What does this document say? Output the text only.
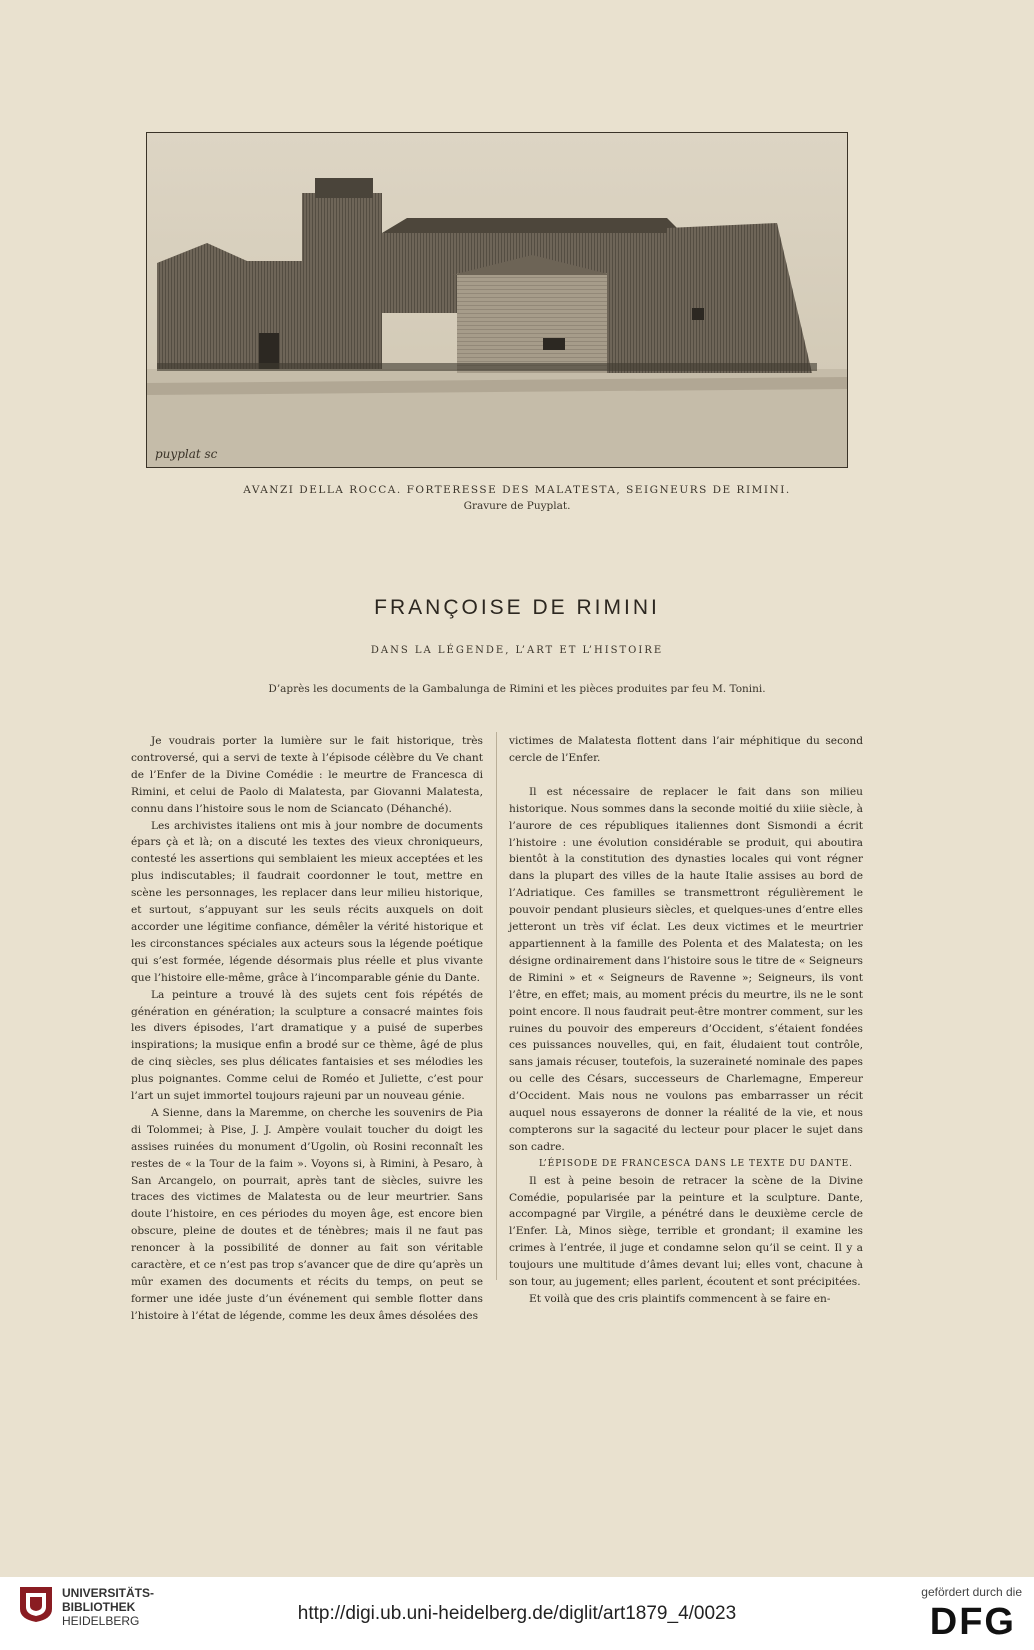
puyplat sc
AVANZI DELLA ROCCA. FORTERESSE DES MALATESTA, SEIGNEURS DE RIMINI.
Gravure de Puyplat.
FRANÇOISE DE RIMINI
DANS LA LÉGENDE, L’ART ET L’HISTOIRE
D’après les documents de la Gambalunga de Rimini et les pièces produites par feu M. Tonini.

Je voudrais porter la lumière sur le fait historique, très controversé, qui a servi de texte à l’épisode célèbre du Ve chant de l’Enfer de la Divine Comédie : le meurtre de Francesca di Rimini, et celui de Paolo di Malatesta, par Giovanni Malatesta, connu dans l’histoire sous le nom de Sciancato (Déhanché).

Les archivistes italiens ont mis à jour nombre de documents épars çà et là; on a discuté les textes des vieux chroniqueurs, contesté les assertions qui semblaient les mieux acceptées et les plus indiscutables; il faudrait coordonner le tout, mettre en scène les personnages, les replacer dans leur milieu historique, et surtout, s’appuyant sur les seuls récits auxquels on doit accorder une légitime confiance, démêler la vérité historique et les circonstances spéciales aux acteurs sous la légende poétique qui s’est formée, légende désormais plus réelle et plus vivante que l’histoire elle-même, grâce à l’incomparable génie du Dante.

La peinture a trouvé là des sujets cent fois répétés de génération en génération; la sculpture a consacré maintes fois les divers épisodes, l’art dramatique y a puisé de superbes inspirations; la musique enfin a brodé sur ce thème, âgé de plus de cinq siècles, ses plus délicates fantaisies et ses mélodies les plus poignantes. Comme celui de Roméo et Juliette, c’est pour l’art un sujet immortel toujours rajeuni par un nouveau génie.

A Sienne, dans la Maremme, on cherche les souvenirs de Pia di Tolommei; à Pise, J. J. Ampère voulait toucher du doigt les assises ruinées du monument d’Ugolin, où Rosini reconnaît les restes de « la Tour de la faim ». Voyons si, à Rimini, à Pesaro, à San Arcangelo, on pourrait, après tant de siècles, suivre les traces des victimes de Malatesta ou de leur meurtrier. Sans doute l’histoire, en ces périodes du moyen âge, est encore bien obscure, pleine de doutes et de ténèbres; mais il ne faut pas renoncer à la possibilité de donner au fait son véritable caractère, et ce n’est pas trop s’avancer que de dire qu’après un mûr examen des documents et récits du temps, on peut se former une idée juste d’un événement qui semble flotter dans l’histoire à l’état de légende, comme les deux âmes désolées des

victimes de Malatesta flottent dans l’air méphitique du second cercle de l’Enfer.

Il est nécessaire de replacer le fait dans son milieu historique. Nous sommes dans la seconde moitié du xiiie siècle, à l’aurore de ces républiques italiennes dont Sismondi a écrit l’histoire : une évolution considérable se produit, qui aboutira bientôt à la constitution des dynasties locales qui vont régner dans la plupart des villes de la haute Italie assises au bord de l’Adriatique. Ces familles se transmettront régulièrement le pouvoir pendant plusieurs siècles, et quelques-unes d’entre elles jetteront un très vif éclat. Les deux victimes et le meurtrier appartiennent à la famille des Polenta et des Malatesta; on les désigne ordinairement dans l’histoire sous le titre de « Seigneurs de Rimini » et « Seigneurs de Ravenne »; Seigneurs, ils vont l’être, en effet; mais, au moment précis du meurtre, ils ne le sont point encore. Il nous faudrait peut-être montrer comment, sur les ruines du pouvoir des empereurs d’Occident, s’étaient fondées ces puissances nouvelles, qui, en fait, éludaient tout contrôle, sans jamais récuser, toutefois, la suzeraineté nominale des papes ou celle des Césars, successeurs de Charlemagne, Empereur d’Occident. Mais nous ne voulons pas embarrasser un récit auquel nous essayerons de donner la réalité de la vie, et nous compterons sur la sagacité du lecteur pour placer le sujet dans son cadre.

L’ÉPISODE DE FRANCESCA DANS LE TEXTE DU DANTE.

Il est à peine besoin de retracer la scène de la Divine Comédie, popularisée par la peinture et la sculpture. Dante, accompagné par Virgile, a pénétré dans le deuxième cercle de l’Enfer. Là, Minos siège, terrible et grondant; il examine les crimes à l’entrée, il juge et condamne selon qu’il se ceint. Il y a toujours une multitude d’âmes devant lui; elles vont, chacune à son tour, au jugement; elles parlent, écoutent et sont précipitées.

Et voilà que des cris plaintifs commencent à se faire en-

UNIVERSITÄTS-
BIBLIOTHEK
HEIDELBERG	http://digi.ub.uni-heidelberg.de/diglit/art1879_4/0023
gefördert durch die
DFG
